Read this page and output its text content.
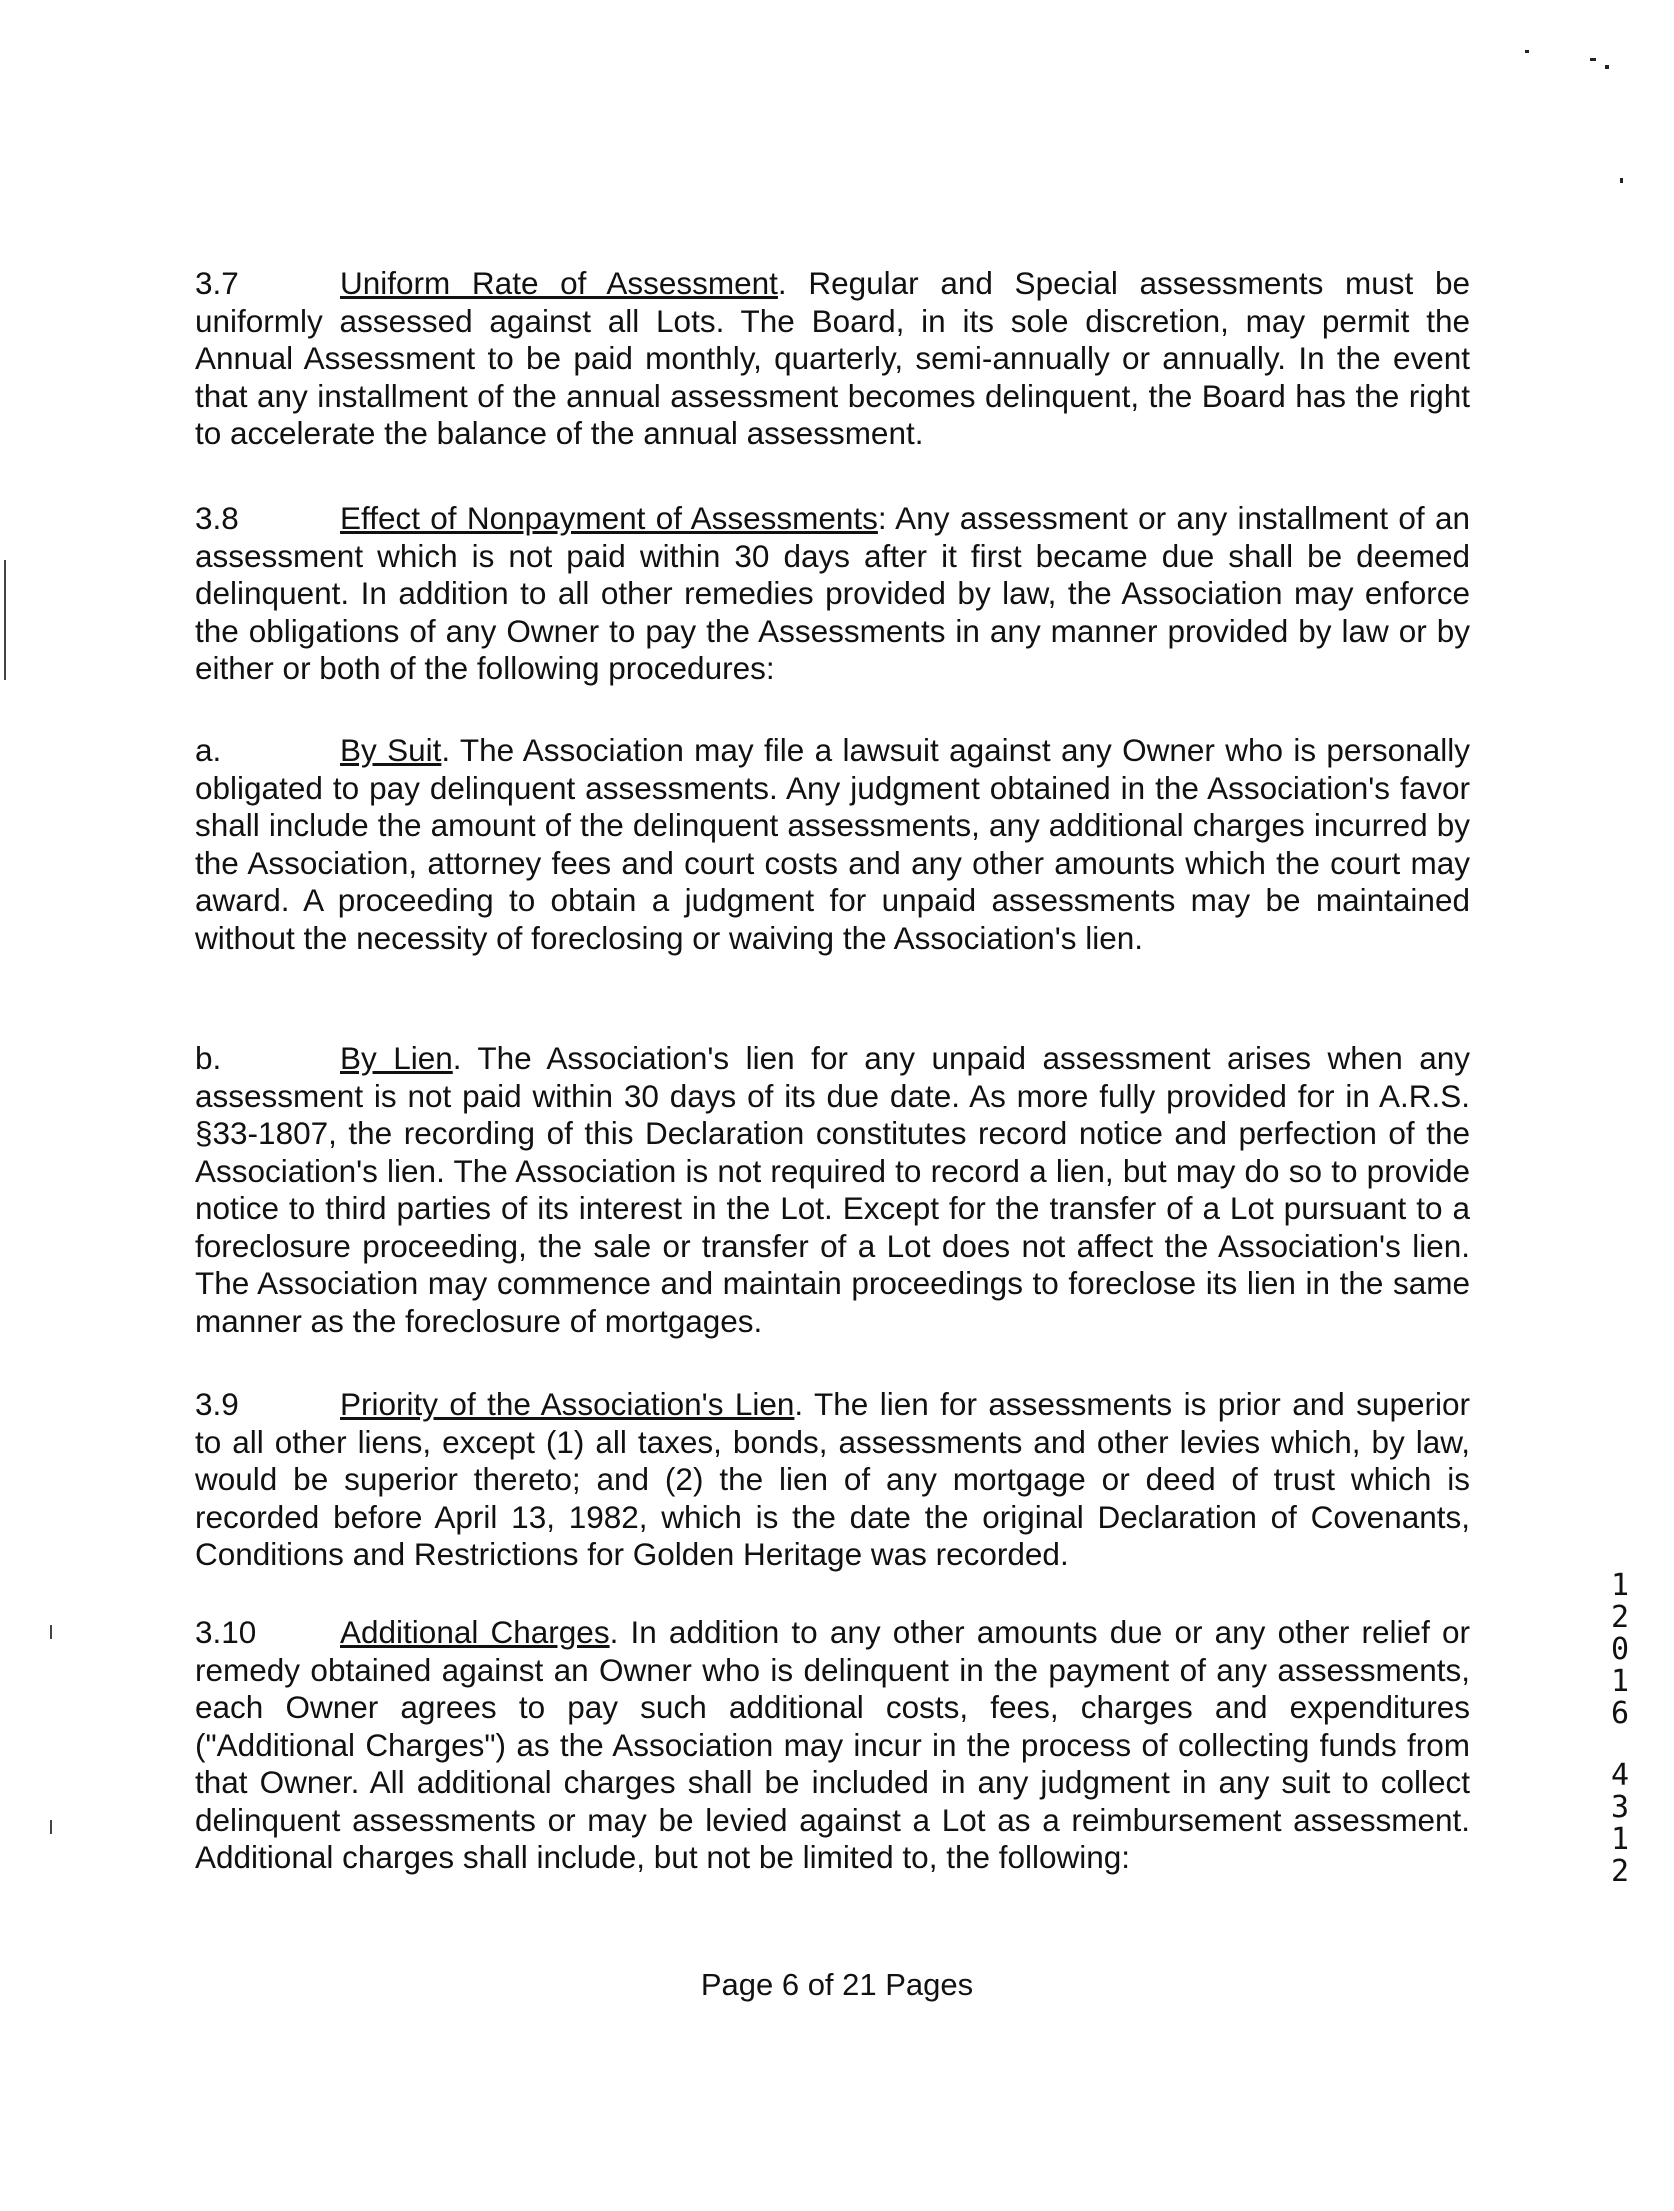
3.7	Uniform Rate of Assessment. Regular and Special assessments must be uniformly assessed against all Lots. The Board, in its sole discretion, may permit the Annual Assessment to be paid monthly, quarterly, semi-annually or annually. In the event that any installment of the annual assessment becomes delinquent, the Board has the right to accelerate the balance of the annual assessment.
3.8	Effect of Nonpayment of Assessments: Any assessment or any installment of an assessment which is not paid within 30 days after it first became due shall be deemed delinquent. In addition to all other remedies provided by law, the Association may enforce the obligations of any Owner to pay the Assessments in any manner provided by law or by either or both of the following procedures:
a.	By Suit. The Association may file a lawsuit against any Owner who is personally obligated to pay delinquent assessments. Any judgment obtained in the Association's favor shall include the amount of the delinquent assessments, any additional charges incurred by the Association, attorney fees and court costs and any other amounts which the court may award. A proceeding to obtain a judgment for unpaid assessments may be maintained without the necessity of foreclosing or waiving the Association's lien.
b.	By Lien. The Association's lien for any unpaid assessment arises when any assessment is not paid within 30 days of its due date. As more fully provided for in A.R.S. §33-1807, the recording of this Declaration constitutes record notice and perfection of the Association's lien. The Association is not required to record a lien, but may do so to provide notice to third parties of its interest in the Lot. Except for the transfer of a Lot pursuant to a foreclosure proceeding, the sale or transfer of a Lot does not affect the Association's lien. The Association may commence and maintain proceedings to foreclose its lien in the same manner as the foreclosure of mortgages.
3.9	Priority of the Association's Lien. The lien for assessments is prior and superior to all other liens, except (1) all taxes, bonds, assessments and other levies which, by law, would be superior thereto; and (2) the lien of any mortgage or deed of trust which is recorded before April 13, 1982, which is the date the original Declaration of Covenants, Conditions and Restrictions for Golden Heritage was recorded.
3.10	Additional Charges. In addition to any other amounts due or any other relief or remedy obtained against an Owner who is delinquent in the payment of any assessments, each Owner agrees to pay such additional costs, fees, charges and expenditures ("Additional Charges") as the Association may incur in the process of collecting funds from that Owner. All additional charges shall be included in any judgment in any suit to collect delinquent assessments or may be levied against a Lot as a reimbursement assessment. Additional charges shall include, but not be limited to, the following:
Page 6 of 21 Pages
1
2
0
1
6
4
3
1
2
